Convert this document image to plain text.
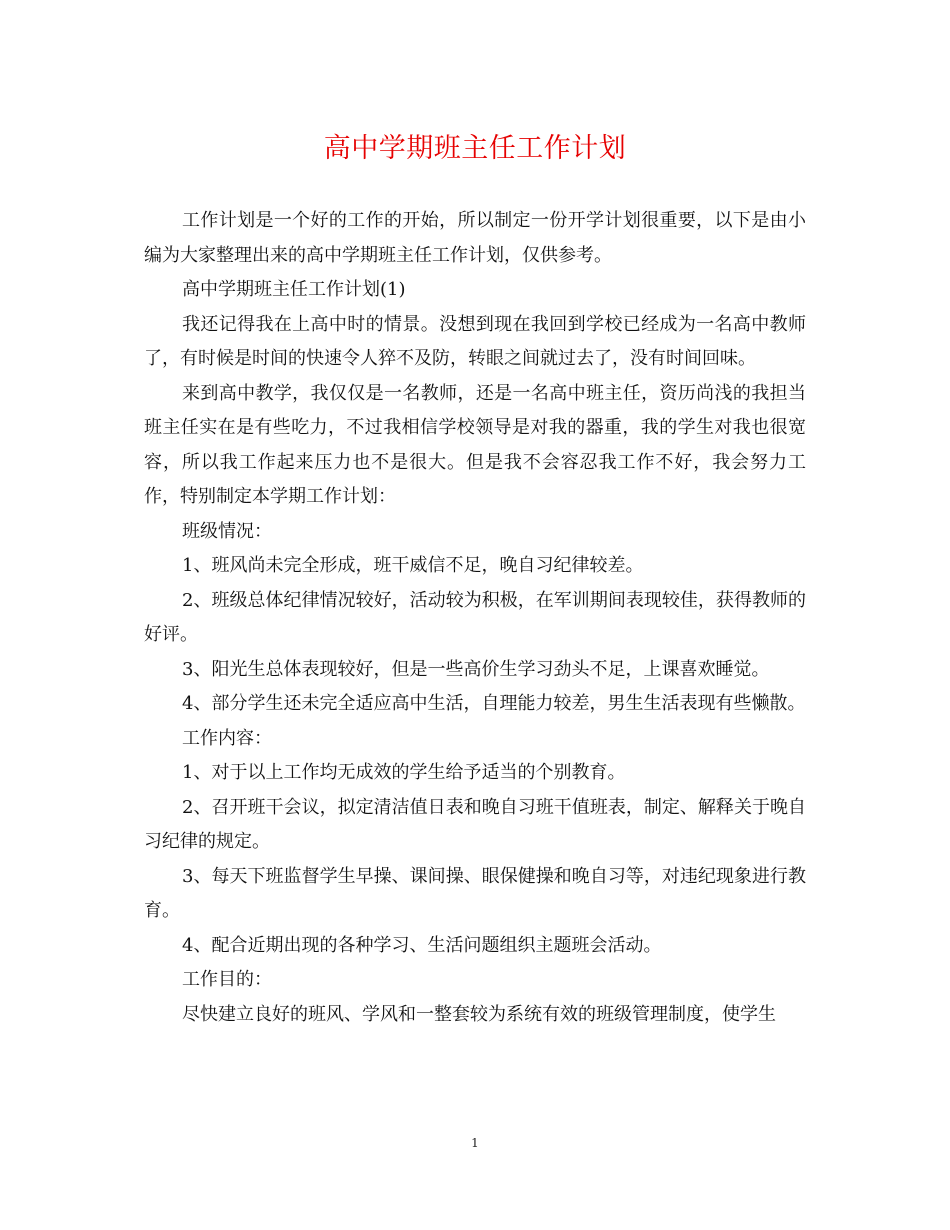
高中学期班主任工作计划

工作计划是一个好的工作的开始，所以制定一份开学计划很重要，以下是由小编为大家整理出来的高中学期班主任工作计划，仅供参考。

高中学期班主任工作计划(1)

我还记得我在上高中时的情景。没想到现在我回到学校已经成为一名高中教师了，有时候是时间的快速令人猝不及防，转眼之间就过去了，没有时间回味。

来到高中教学，我仅仅是一名教师，还是一名高中班主任，资历尚浅的我担当班主任实在是有些吃力，不过我相信学校领导是对我的器重，我的学生对我也很宽容，所以我工作起来压力也不是很大。但是我不会容忍我工作不好，我会努力工作，特别制定本学期工作计划：

班级情况：

1、班风尚未完全形成，班干威信不足，晚自习纪律较差。

2、班级总体纪律情况较好，活动较为积极，在军训期间表现较佳，获得教师的好评。

3、阳光生总体表现较好，但是一些高价生学习劲头不足，上课喜欢睡觉。

4、部分学生还未完全适应高中生活，自理能力较差，男生生活表现有些懒散。

工作内容：

1、对于以上工作均无成效的学生给予适当的个别教育。

2、召开班干会议，拟定清洁值日表和晚自习班干值班表，制定、解释关于晚自习纪律的规定。

3、每天下班监督学生早操、课间操、眼保健操和晚自习等，对违纪现象进行教育。

4、配合近期出现的各种学习、生活问题组织主题班会活动。

工作目的：

尽快建立良好的班风、学风和一整套较为系统有效的班级管理制度，使学生

1
